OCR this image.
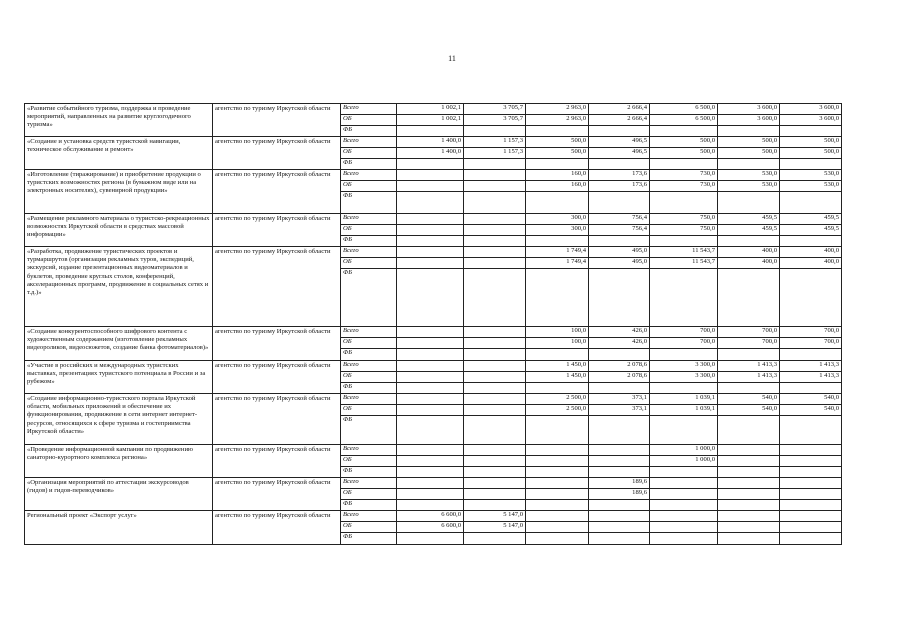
11
«Развитие событийного туризма, поддержка и проведение мероприятий, направленных на развитие круглогодичного туризма»	агентство по туризму Иркутской области	Всего	1 002,1	3 705,7	2 963,0	2 666,4	6 500,0	3 600,0	3 600,0
		ОБ	1 002,1	3 705,7	2 963,0	2 666,4	6 500,0	3 600,0	3 600,0
		ФБ							
«Создание и установка средств туристской навигации, техническое обслуживание и ремонт»	агентство по туризму Иркутской области	Всего	1 400,0	1 157,3	500,0	496,5	500,0	500,0	500,0
		ОБ	1 400,0	1 157,3	500,0	496,5	500,0	500,0	500,0
		ФБ							
«Изготовление (тиражирование) и приобретение продукции о туристских возможностях региона (в бумажном виде или на электронных носителях), сувенирной продукции»	агентство по туризму Иркутской области	Всего			160,0	173,6	730,0	530,0	530,0
		ОБ			160,0	173,6	730,0	530,0	530,0
		ФБ							
«Размещение рекламного материала о туристско-рекреационных возможностях Иркутской области в средствах массовой информации»	агентство по туризму Иркутской области	Всего			300,0	756,4	750,0	459,5	459,5
		ОБ			300,0	756,4	750,0	459,5	459,5
		ФБ							
«Разработка, продвижение туристических проектов и турмаршрутов (организация рекламных туров, экспедиций, экскурсий, издание презентационных видеоматериалов и буклетов, проведение круглых столов, конференций, акселерационных программ, продвижение в социальных сетях и т.д.)»	агентство по туризму Иркутской области	Всего			1 749,4	495,0	11 543,7	400,0	400,0
		ОБ			1 749,4	495,0	11 543,7	400,0	400,0
		ФБ							
«Создание конкурентоспособного шифрового контента с художественным содержанием (изготовление рекламных видеороликов, видеосюжетов, создание банка фотоматериалов)»	агентство по туризму Иркутской области	Всего			100,0	426,0	700,0	700,0	700,0
		ОБ			100,0	426,0	700,0	700,0	700,0
		ФБ							
«Участие в российских и международных туристских выставках, презентациях туристского потенциала в России и за рубежом»	агентство по туризму Иркутской области	Всего			1 450,0	2 078,6	3 300,0	1 413,3	1 413,3
		ОБ			1 450,0	2 078,6	3 300,0	1 413,3	1 413,3
		ФБ							
«Создание информационно-туристского портала Иркутской области, мобильных приложений и обеспечение их функционирования, продвижение в сети интернет интернет-ресурсов, относящихся к сфере туризма и гостеприимства Иркутской области»	агентство по туризму Иркутской области	Всего			2 500,0	373,1	1 039,1	540,0	540,0
		ОБ			2 500,0	373,1	1 039,1	540,0	540,0
		ФБ							
«Проведение информационной кампании по продвижению санаторно-курортного комплекса региона»	агентство по туризму Иркутской области	Всего					1 000,0		
		ОБ					1 000,0		
		ФБ							
«Организация мероприятий по аттестации экскурсоводов (гидов) и гидов-переводчиков»	агентство по туризму Иркутской области	Всего				189,6			
		ОБ				189,6			
		ФБ							
Региональный проект «Экспорт услуг»	агентство по туризму Иркутской области	Всего	6 600,0	5 147,0					
		ОБ	6 600,0	5 147,0					
		ФБ							
